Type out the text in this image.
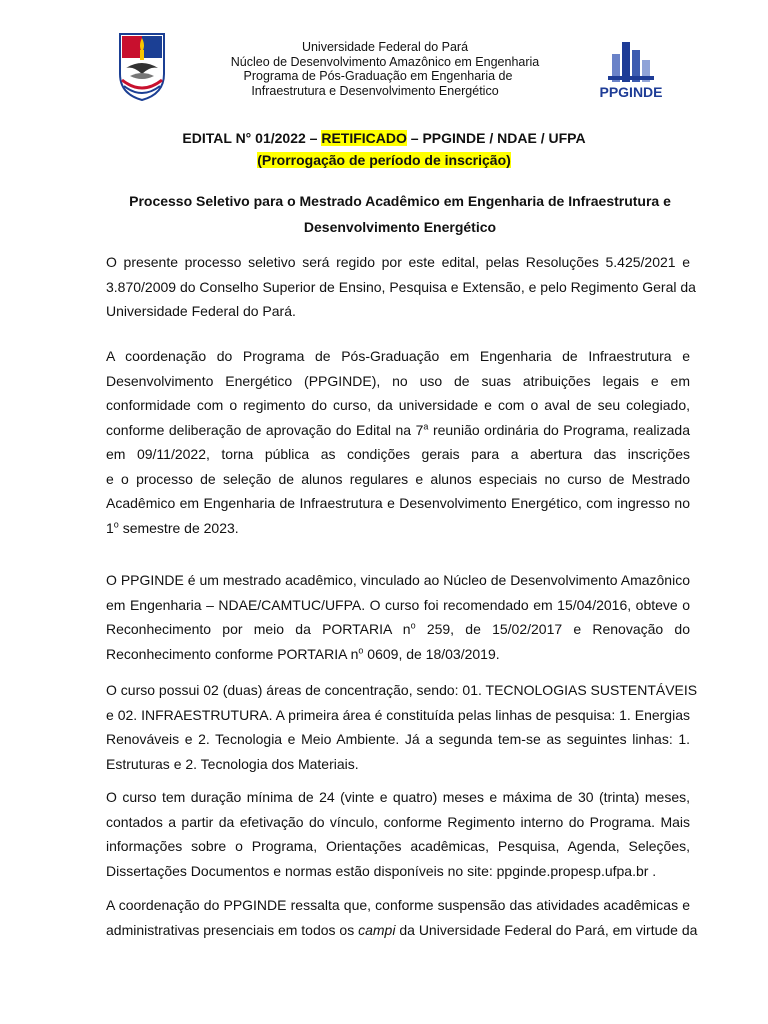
Universidade Federal do Pará
Núcleo de Desenvolvimento Amazônico em Engenharia
Programa de Pós-Graduação em Engenharia de
Infraestrutura e Desenvolvimento Energético	PPGINDE
EDITAL N° 01/2022 – RETIFICADO – PPGINDE / NDAE / UFPA
(Prorrogação de período de inscrição)
Processo Seletivo para o Mestrado Acadêmico em Engenharia de Infraestrutura e
Desenvolvimento Energético
O presente processo seletivo será regido por este edital, pelas Resoluções 5.425/2021 e
3.870/2009 do Conselho Superior de Ensino, Pesquisa e Extensão, e pelo Regimento Geral da
Universidade Federal do Pará.
A coordenação do Programa de Pós-Graduação em Engenharia de Infraestrutura e
Desenvolvimento Energético (PPGINDE), no uso de suas atribuições legais e em
conformidade com o regimento do curso, da universidade e com o aval de seu colegiado,
conforme deliberação de aprovação do Edital na 7$^a$ reunião ordinária do Programa, realizada
em 09/11/2022, torna pública as condições gerais para a abertura das inscrições
e o processo de seleção de alunos regulares e alunos especiais no curso de Mestrado
Acadêmico em Engenharia de Infraestrutura e Desenvolvimento Energético, com ingresso no
1$^o$ semestre de 2023.
O PPGINDE é um mestrado acadêmico, vinculado ao Núcleo de Desenvolvimento Amazônico
em Engenharia – NDAE/CAMTUC/UFPA. O curso foi recomendado em 15/04/2016, obteve o
Reconhecimento por meio da PORTARIA $n^o$ 259, de 15/02/2017 e Renovação do
Reconhecimento conforme PORTARIA $n^o$ 0609, de 18/03/2019.
O curso possui 02 (duas) áreas de concentração, sendo: 01. TECNOLOGIAS SUSTENTÁVEIS
e 02. INFRAESTRUTURA. A primeira área é constituída pelas linhas de pesquisa: 1. Energias
Renováveis e 2. Tecnologia e Meio Ambiente. Já a segunda tem-se as seguintes linhas: 1.
Estruturas e 2. Tecnologia dos Materiais.
O curso tem duração mínima de 24 (vinte e quatro) meses e máxima de 30 (trinta) meses,
contados a partir da efetivação do vínculo, conforme Regimento interno do Programa. Mais
informações sobre o Programa, Orientações acadêmicas, Pesquisa, Agenda, Seleções,
Dissertações Documentos e normas estão disponíveis no site: ppginde.propesp.ufpa.br .
A coordenação do PPGINDE ressalta que, conforme suspensão das atividades acadêmicas e
administrativas presenciais em todos os campi da Universidade Federal do Pará, em virtude da
